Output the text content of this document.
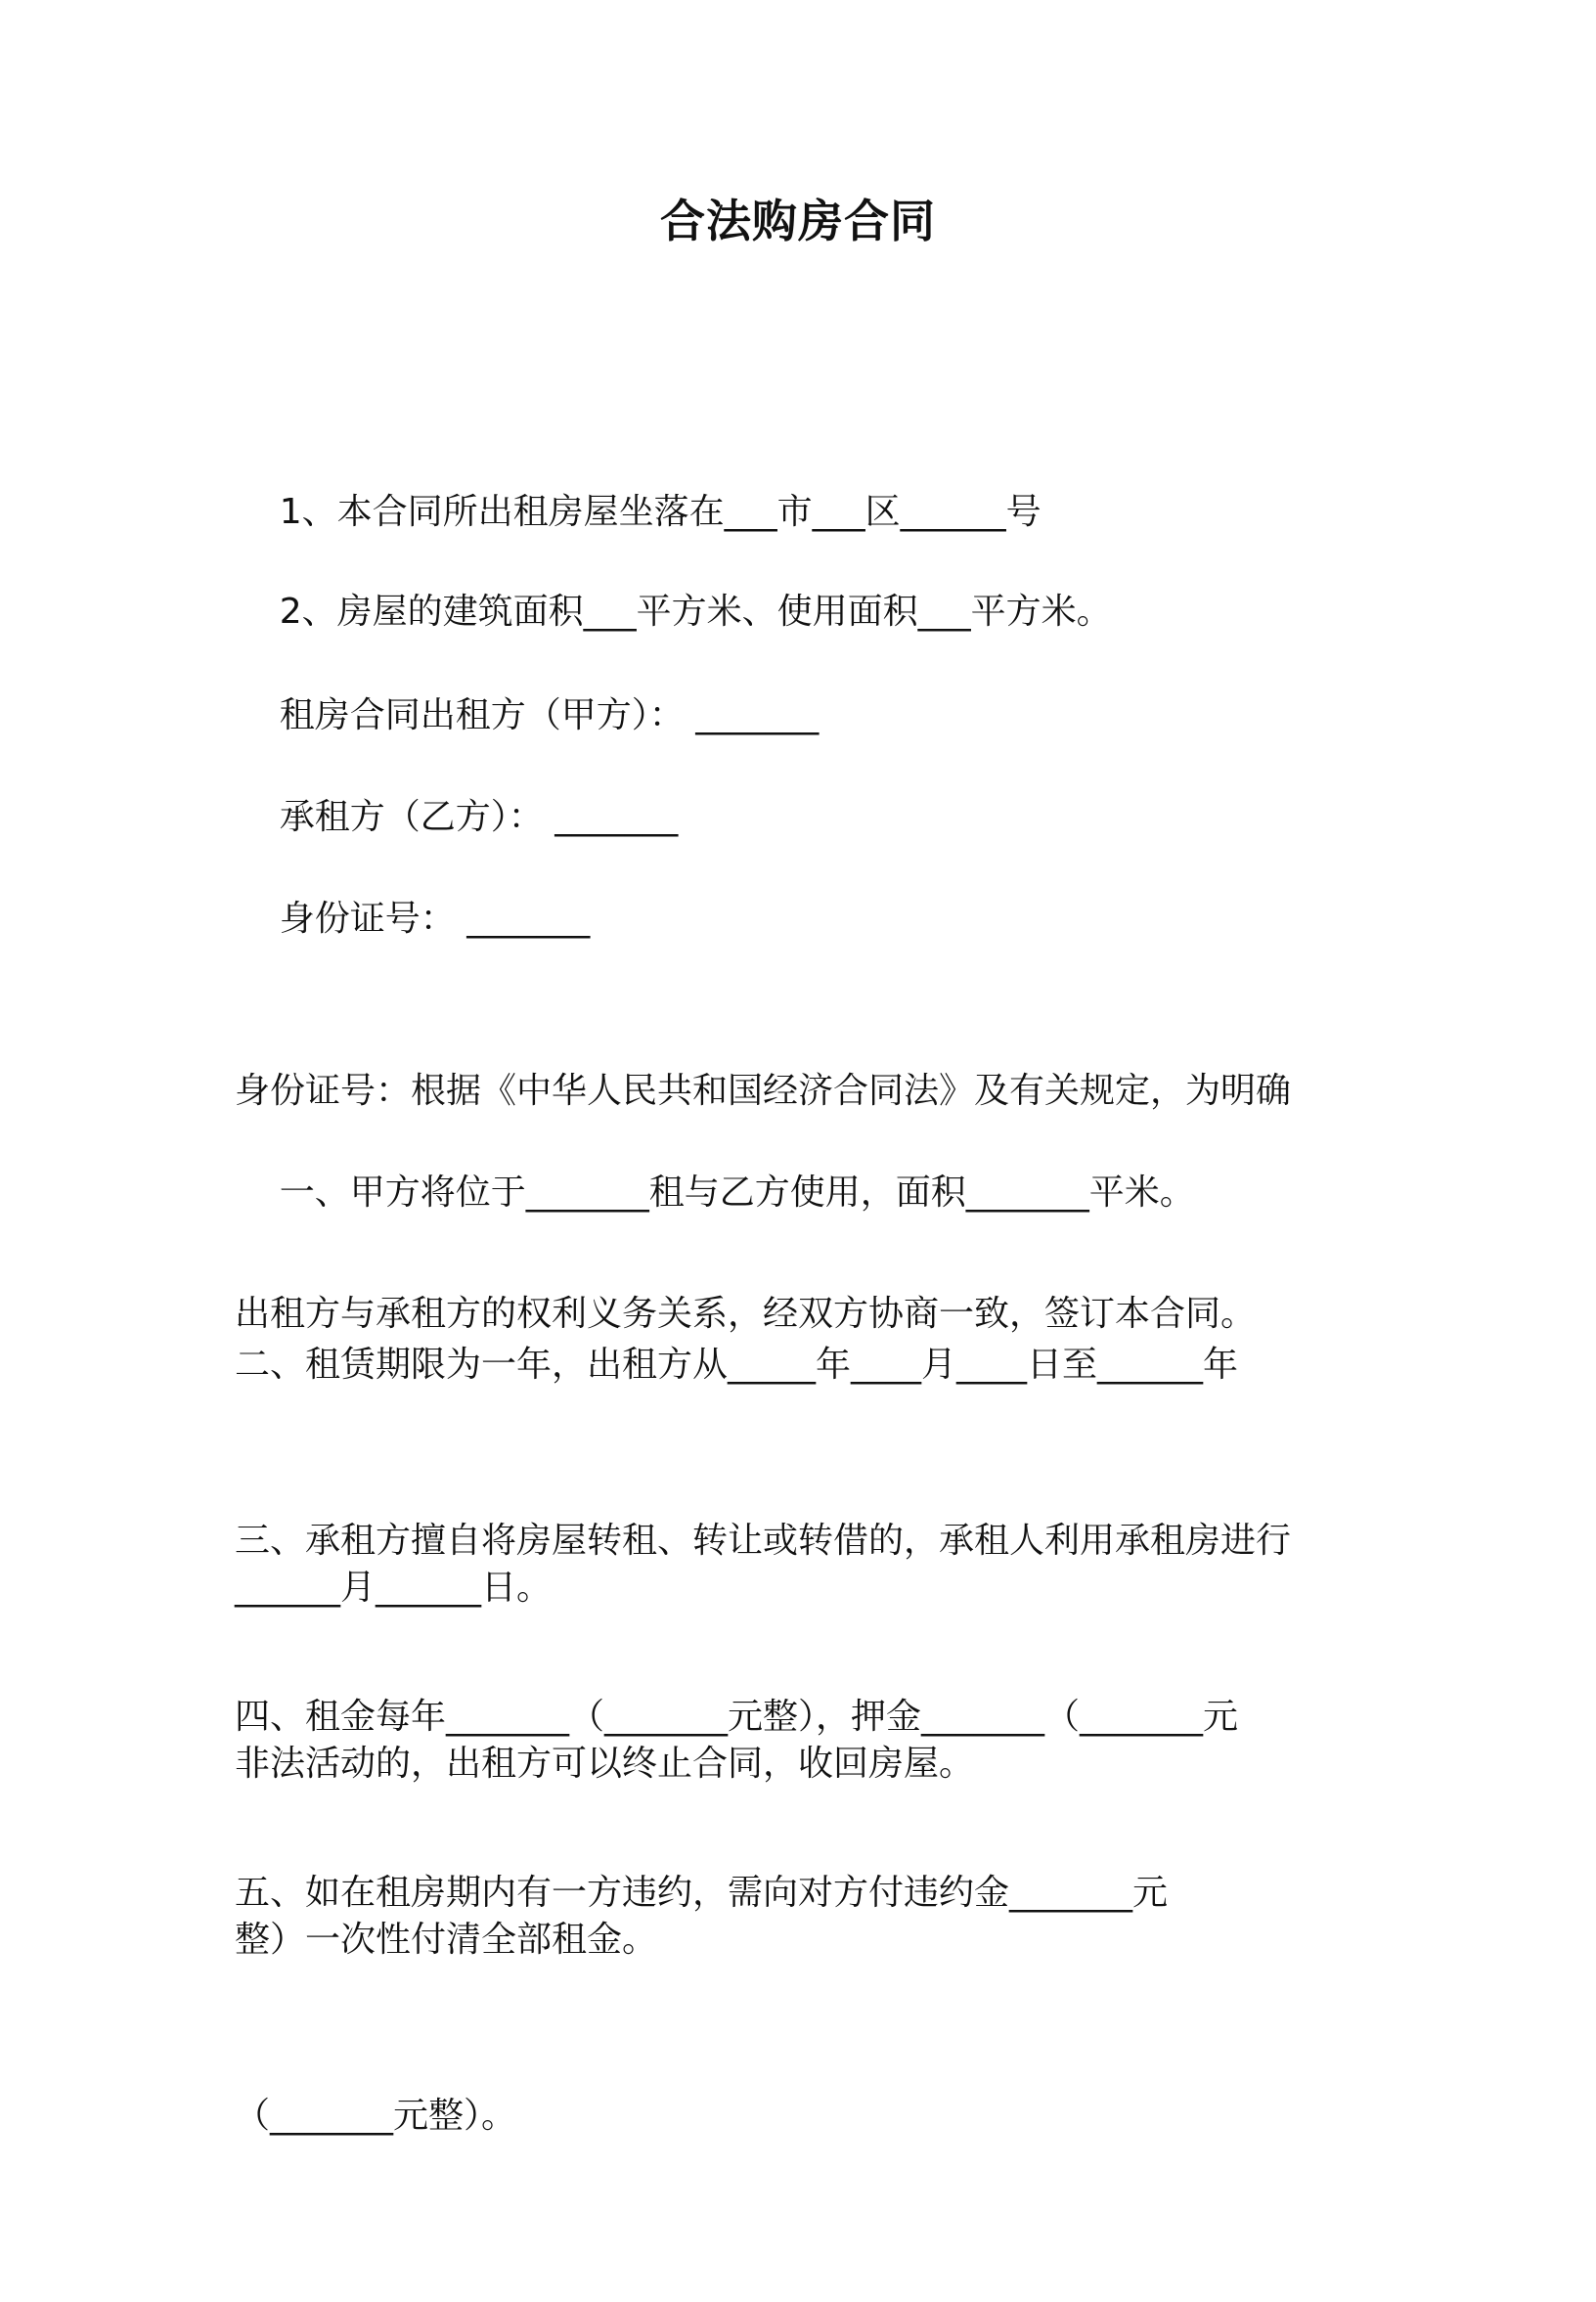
合法购房合同

1、本合同所出租房屋坐落在___市___区______号

2、房屋的建筑面积___平方米、使用面积___平方米。

租房合同出租方（甲方）： _______

承租方（乙方）： _______

身份证号： _______

身份证号：根据《中华人民共和国经济合同法》及有关规定，为明确

出租方与承租方的权利义务关系，经双方协商一致，签订本合同。

一、甲方将位于_______租与乙方使用，面积_______平米。

二、租赁期限为一年，出租方从_____年____月____日至______年

______月______日。

三、承租方擅自将房屋转租、转让或转借的，承租人利用承租房进行

非法活动的，出租方可以终止合同，收回房屋。

四、租金每年_______（_______元整），押金_______（_______元

整）一次性付清全部租金。

五、如在租房期内有一方违约，需向对方付违约金_______元

（_______元整）。
